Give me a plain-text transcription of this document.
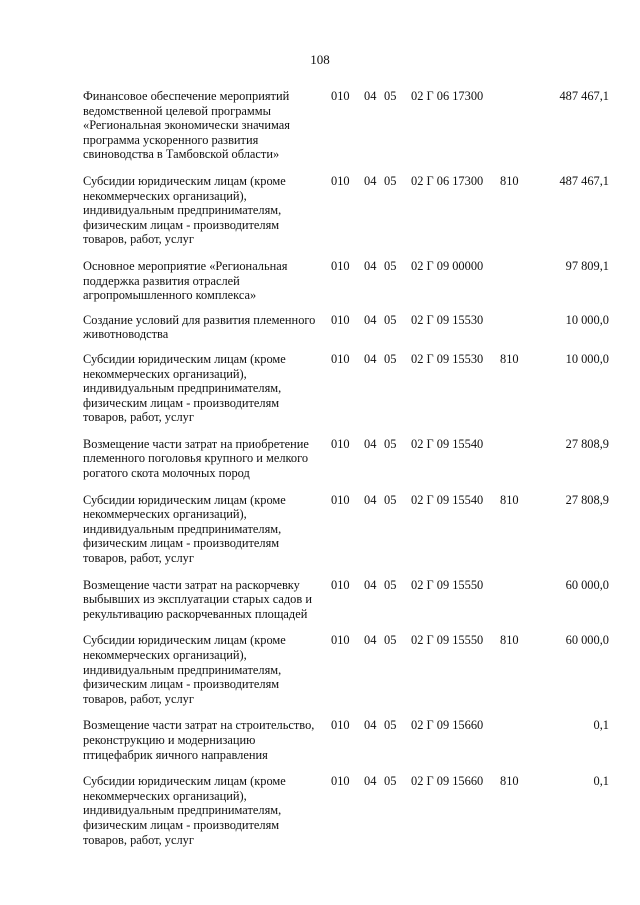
108
Финансовое обеспечение мероприятий ведомственной целевой программы «Региональная экономически значимая программа ускоренного развития свиноводства в Тамбовской области»
010 04 05 02 Г 06 17300	487 467,1
Субсидии юридическим лицам (кроме некоммерческих организаций), индивидуальным предпринимателям, физическим лицам - производителям товаров, работ, услуг
010 04 05 02 Г 06 17300 810	487 467,1
Основное мероприятие «Региональная поддержка развития отраслей агропромышленного комплекса»
010 04 05 02 Г 09 00000	97 809,1
Создание условий для развития племенного животноводства
010 04 05 02 Г 09 15530	10 000,0
Субсидии юридическим лицам (кроме некоммерческих организаций), индивидуальным предпринимателям, физическим лицам - производителям товаров, работ, услуг
010 04 05 02 Г 09 15530 810	10 000,0
Возмещение части затрат на приобретение племенного поголовья крупного и мелкого рогатого скота молочных пород
010 04 05 02 Г 09 15540	27 808,9
Субсидии юридическим лицам (кроме некоммерческих организаций), индивидуальным предпринимателям, физическим лицам - производителям товаров, работ, услуг
010 04 05 02 Г 09 15540 810	27 808,9
Возмещение части затрат на раскорчевку выбывших из эксплуатации старых садов и рекультивацию раскорчеванных площадей
010 04 05 02 Г 09 15550	60 000,0
Субсидии юридическим лицам (кроме некоммерческих организаций), индивидуальным предпринимателям, физическим лицам - производителям товаров, работ, услуг
010 04 05 02 Г 09 15550 810	60 000,0
Возмещение части затрат на строительство, реконструкцию и модернизацию птицефабрик яичного направления
010 04 05 02 Г 09 15660	0,1
Субсидии юридическим лицам (кроме некоммерческих организаций), индивидуальным предпринимателям, физическим лицам - производителям товаров, работ, услуг
010 04 05 02 Г 09 15660 810	0,1
